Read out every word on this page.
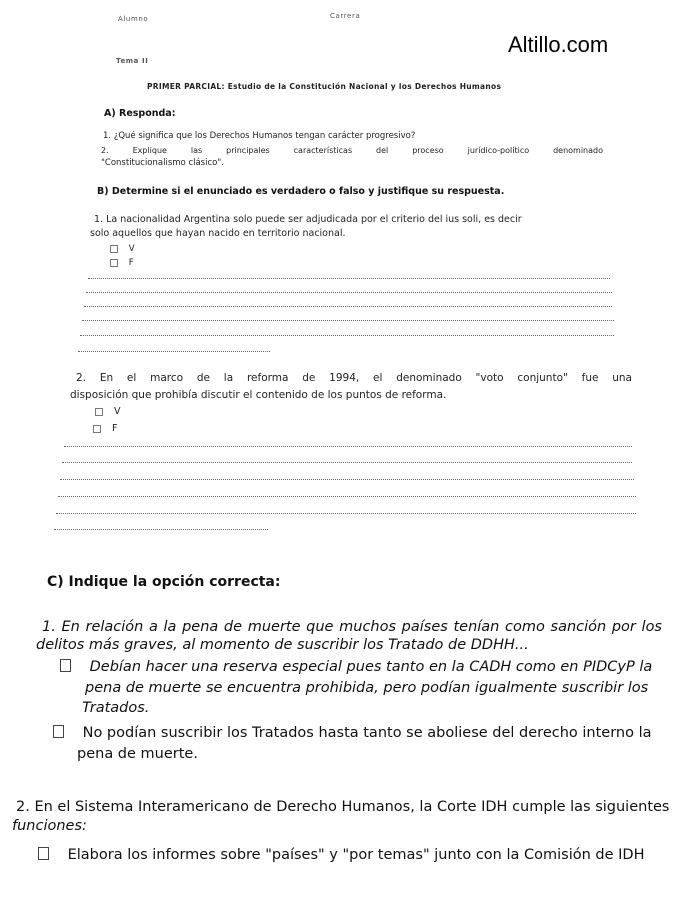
Alumno	Carrera
Altillo.com
Tema II
PRIMER PARCIAL: Estudio de la Constitución Nacional y los Derechos Humanos
A) Responda:
1. ¿Qué significa que los Derechos Humanos tengan carácter progresivo?
2. Explique las principales características del proceso jurídico-político denominado
"Constitucionalismo clásico".
B) Determine si el enunciado es verdadero o falso y justifique su respuesta.
1. La nacionalidad Argentina solo puede ser adjudicada por el criterio del ius soli, es decir
solo aquellos que hayan nacido en territorio nacional.
V
F
2. En el marco de la reforma de 1994, el denominado "voto conjunto" fue una
disposición que prohibía discutir el contenido de los puntos de reforma.
V
F
C) Indique la opción correcta:
1. En relación a la pena de muerte que muchos países tenían como sanción por los
delitos más graves, al momento de suscribir los Tratado de DDHH...
Debían hacer una reserva especial pues tanto en la CADH como en PIDCyP la
pena de muerte se encuentra prohibida, pero podían igualmente suscribir los
Tratados.
No podían suscribir los Tratados hasta tanto se aboliese del derecho interno la
pena de muerte.
2. En el Sistema Interamericano de Derecho Humanos, la Corte IDH cumple las siguientes
funciones:
Elabora los informes sobre "países" y "por temas" junto con la Comisión de IDH
